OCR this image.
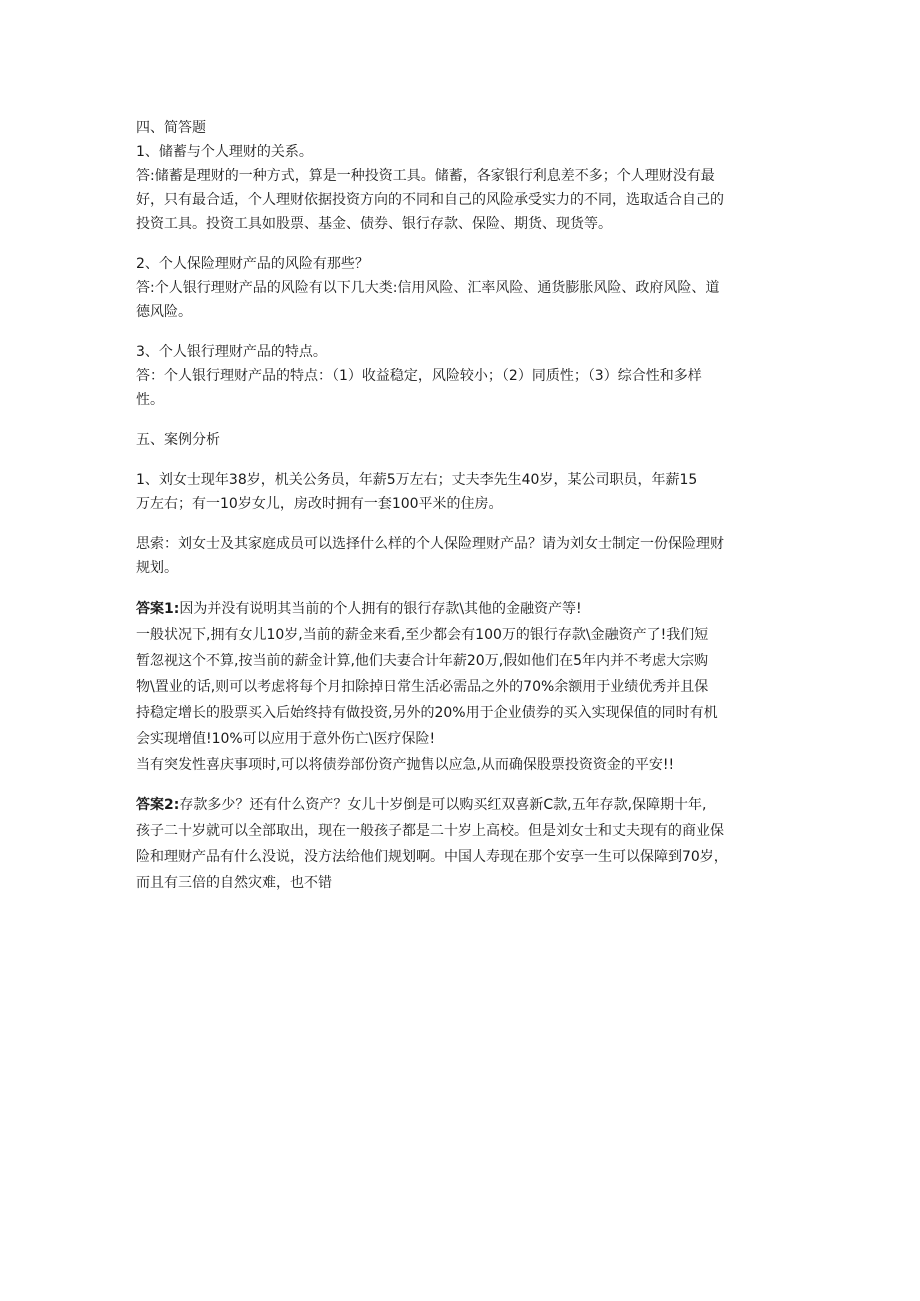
四、简答题

1、储蓄与个人理财的关系。

答:储蓄是理财的一种方式，算是一种投资工具。储蓄，各家银行利息差不多；个人理财没有最

好，只有最合适，个人理财依据投资方向的不同和自己的风险承受实力的不同，选取适合自己的

投资工具。投资工具如股票、基金、债券、银行存款、保险、期货、现货等。

2、个人保险理财产品的风险有那些？

答:个人银行理财产品的风险有以下几大类:信用风险、汇率风险、通货膨胀风险、政府风险、道

德风险。

3、个人银行理财产品的特点。

答：个人银行理财产品的特点：（1）收益稳定，风险较小；（2）同质性；（3）综合性和多样

性。

五、案例分析

1、刘女士现年38岁，机关公务员，年薪5万左右；丈夫李先生40岁，某公司职员，年薪15

万左右；有一10岁女儿，房改时拥有一套100平米的住房。

思索：刘女士及其家庭成员可以选择什么样的个人保险理财产品？请为刘女士制定一份保险理财

规划。

答案1:因为并没有说明其当前的个人拥有的银行存款\其他的金融资产等!

一般状况下,拥有女儿10岁,当前的薪金来看,至少都会有100万的银行存款\金融资产了!我们短

暂忽视这个不算,按当前的薪金计算,他们夫妻合计年薪20万,假如他们在5年内并不考虑大宗购

物\置业的话,则可以考虑将每个月扣除掉日常生活必需品之外的70%余额用于业绩优秀并且保

持稳定增长的股票买入后始终持有做投资,另外的20%用于企业债券的买入实现保值的同时有机

会实现增值!10%可以应用于意外伤亡\医疗保险!

当有突发性喜庆事项时,可以将债券部份资产抛售以应急,从而确保股票投资资金的平安!!

答案2:存款多少？还有什么资产？女儿十岁倒是可以购买红双喜新C款,五年存款,保障期十年,

孩子二十岁就可以全部取出，现在一般孩子都是二十岁上高校。但是刘女士和丈夫现有的商业保

险和理财产品有什么没说，没方法给他们规划啊。中国人寿现在那个安享一生可以保障到70岁，

而且有三倍的自然灾难，也不错
